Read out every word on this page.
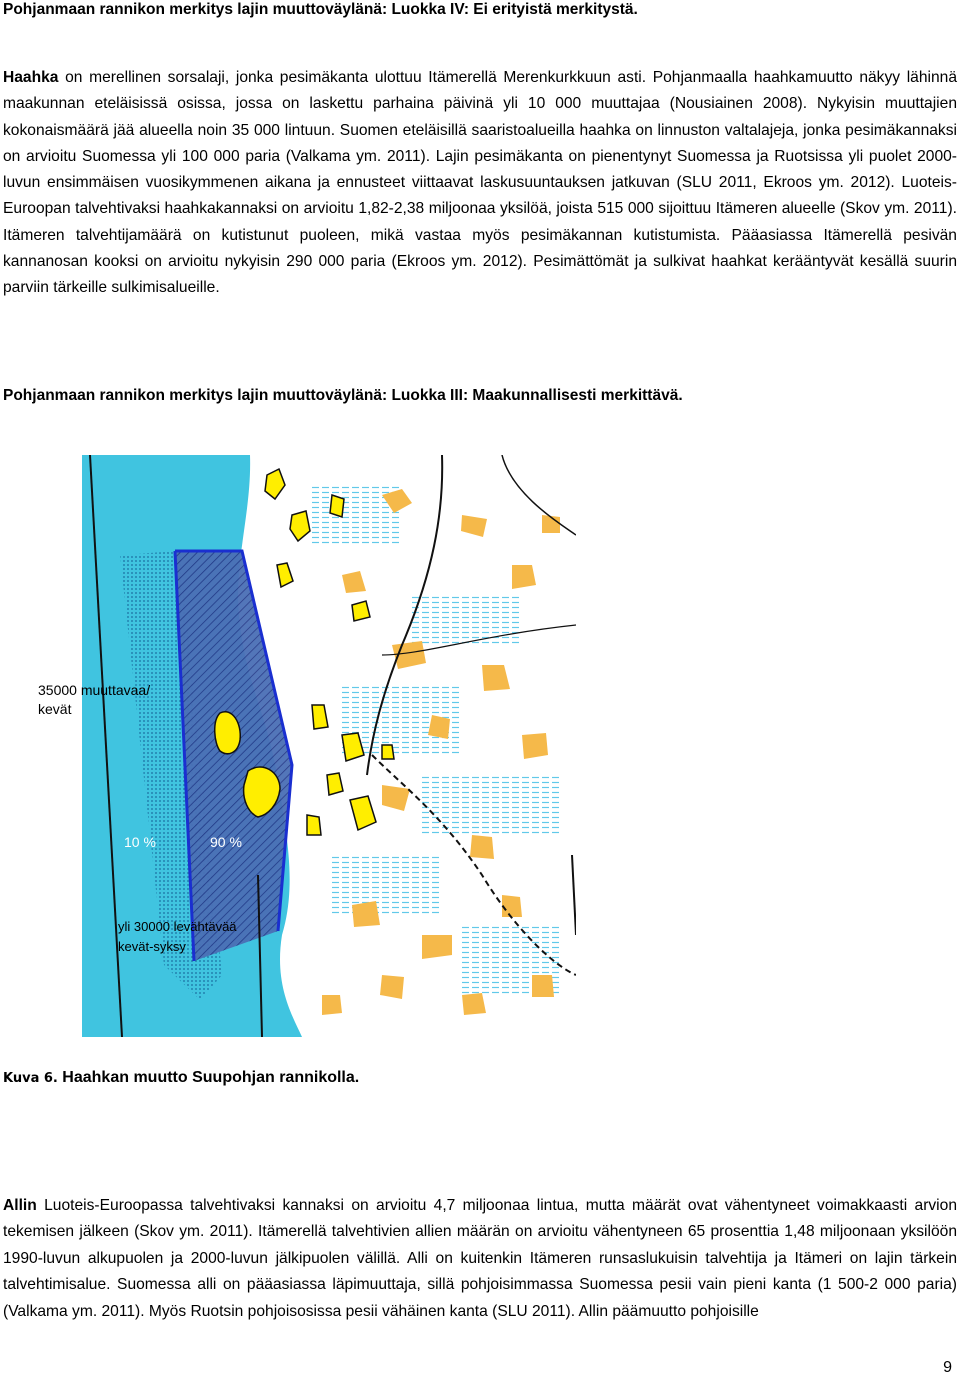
Pohjanmaan rannikon merkitys lajin muuttoväylänä: Luokka IV: Ei erityistä merkitystä.
Haahka on merellinen sorsalaji, jonka pesimäkanta ulottuu Itämerellä Merenkurkkuun asti. Pohjanmaalla haahkamuutto näkyy lähinnä maakunnan eteläisissä osissa, jossa on laskettu parhaina päivinä yli 10 000 muuttajaa (Nousiainen 2008). Nykyisin muuttajien kokonaismäärä jää alueella noin 35 000 lintuun. Suomen eteläisillä saaristoalueilla haahka on linnuston valtalajeja, jonka pesimäkannaksi on arvioitu Suomessa yli 100 000 paria (Valkama ym. 2011). Lajin pesimäkanta on pienentynyt Suomessa ja Ruotsissa yli puolet 2000-luvun ensimmäisen vuosikymmenen aikana ja ennusteet viittaavat laskusuuntauksen jatkuvan (SLU 2011, Ekroos ym. 2012). Luoteis-Euroopan talvehtivaksi haahkakannaksi on arvioitu 1,82-2,38 miljoonaa yksilöä, joista 515 000 sijoittuu Itämeren alueelle (Skov ym. 2011). Itämeren talvehtijamäärä on kutistunut puoleen, mikä vastaa myös pesimäkannan kutistumista. Pääasiassa Itämerellä pesivän kannanosan kooksi on arvioitu nykyisin 290 000 paria (Ekroos ym. 2012). Pesimättömät ja sulkivat haahkat kerääntyvät kesällä suurin parviin tärkeille sulkimisalueille.
Pohjanmaan rannikon merkitys lajin muuttoväylänä: Luokka III: Maakunnallisesti merkittävä.
10 %	90 %
yli 30000 levähtävää
kevät-syksy
35000 muuttavaa/
kevät
Kuva 6. Haahkan muutto Suupohjan rannikolla.
Allin Luoteis-Euroopassa talvehtivaksi kannaksi on arvioitu 4,7 miljoonaa lintua, mutta määrät ovat vähentyneet voimakkaasti arvion tekemisen jälkeen (Skov ym. 2011). Itämerellä talvehtivien allien määrän on arvioitu vähentyneen 65 prosenttia 1,48 miljoonaan yksilöön 1990-luvun alkupuolen ja 2000-luvun jälkipuolen välillä. Alli on kuitenkin Itämeren runsaslukuisin talvehtija ja Itämeri on lajin tärkein talvehtimisalue. Suomessa alli on pääasiassa läpimuuttaja, sillä pohjoisimmassa Suomessa pesii vain pieni kanta (1 500-2 000 paria) (Valkama ym. 2011). Myös Ruotsin pohjoisosissa pesii vähäinen kanta (SLU 2011). Allin päämuutto pohjoisille
9
